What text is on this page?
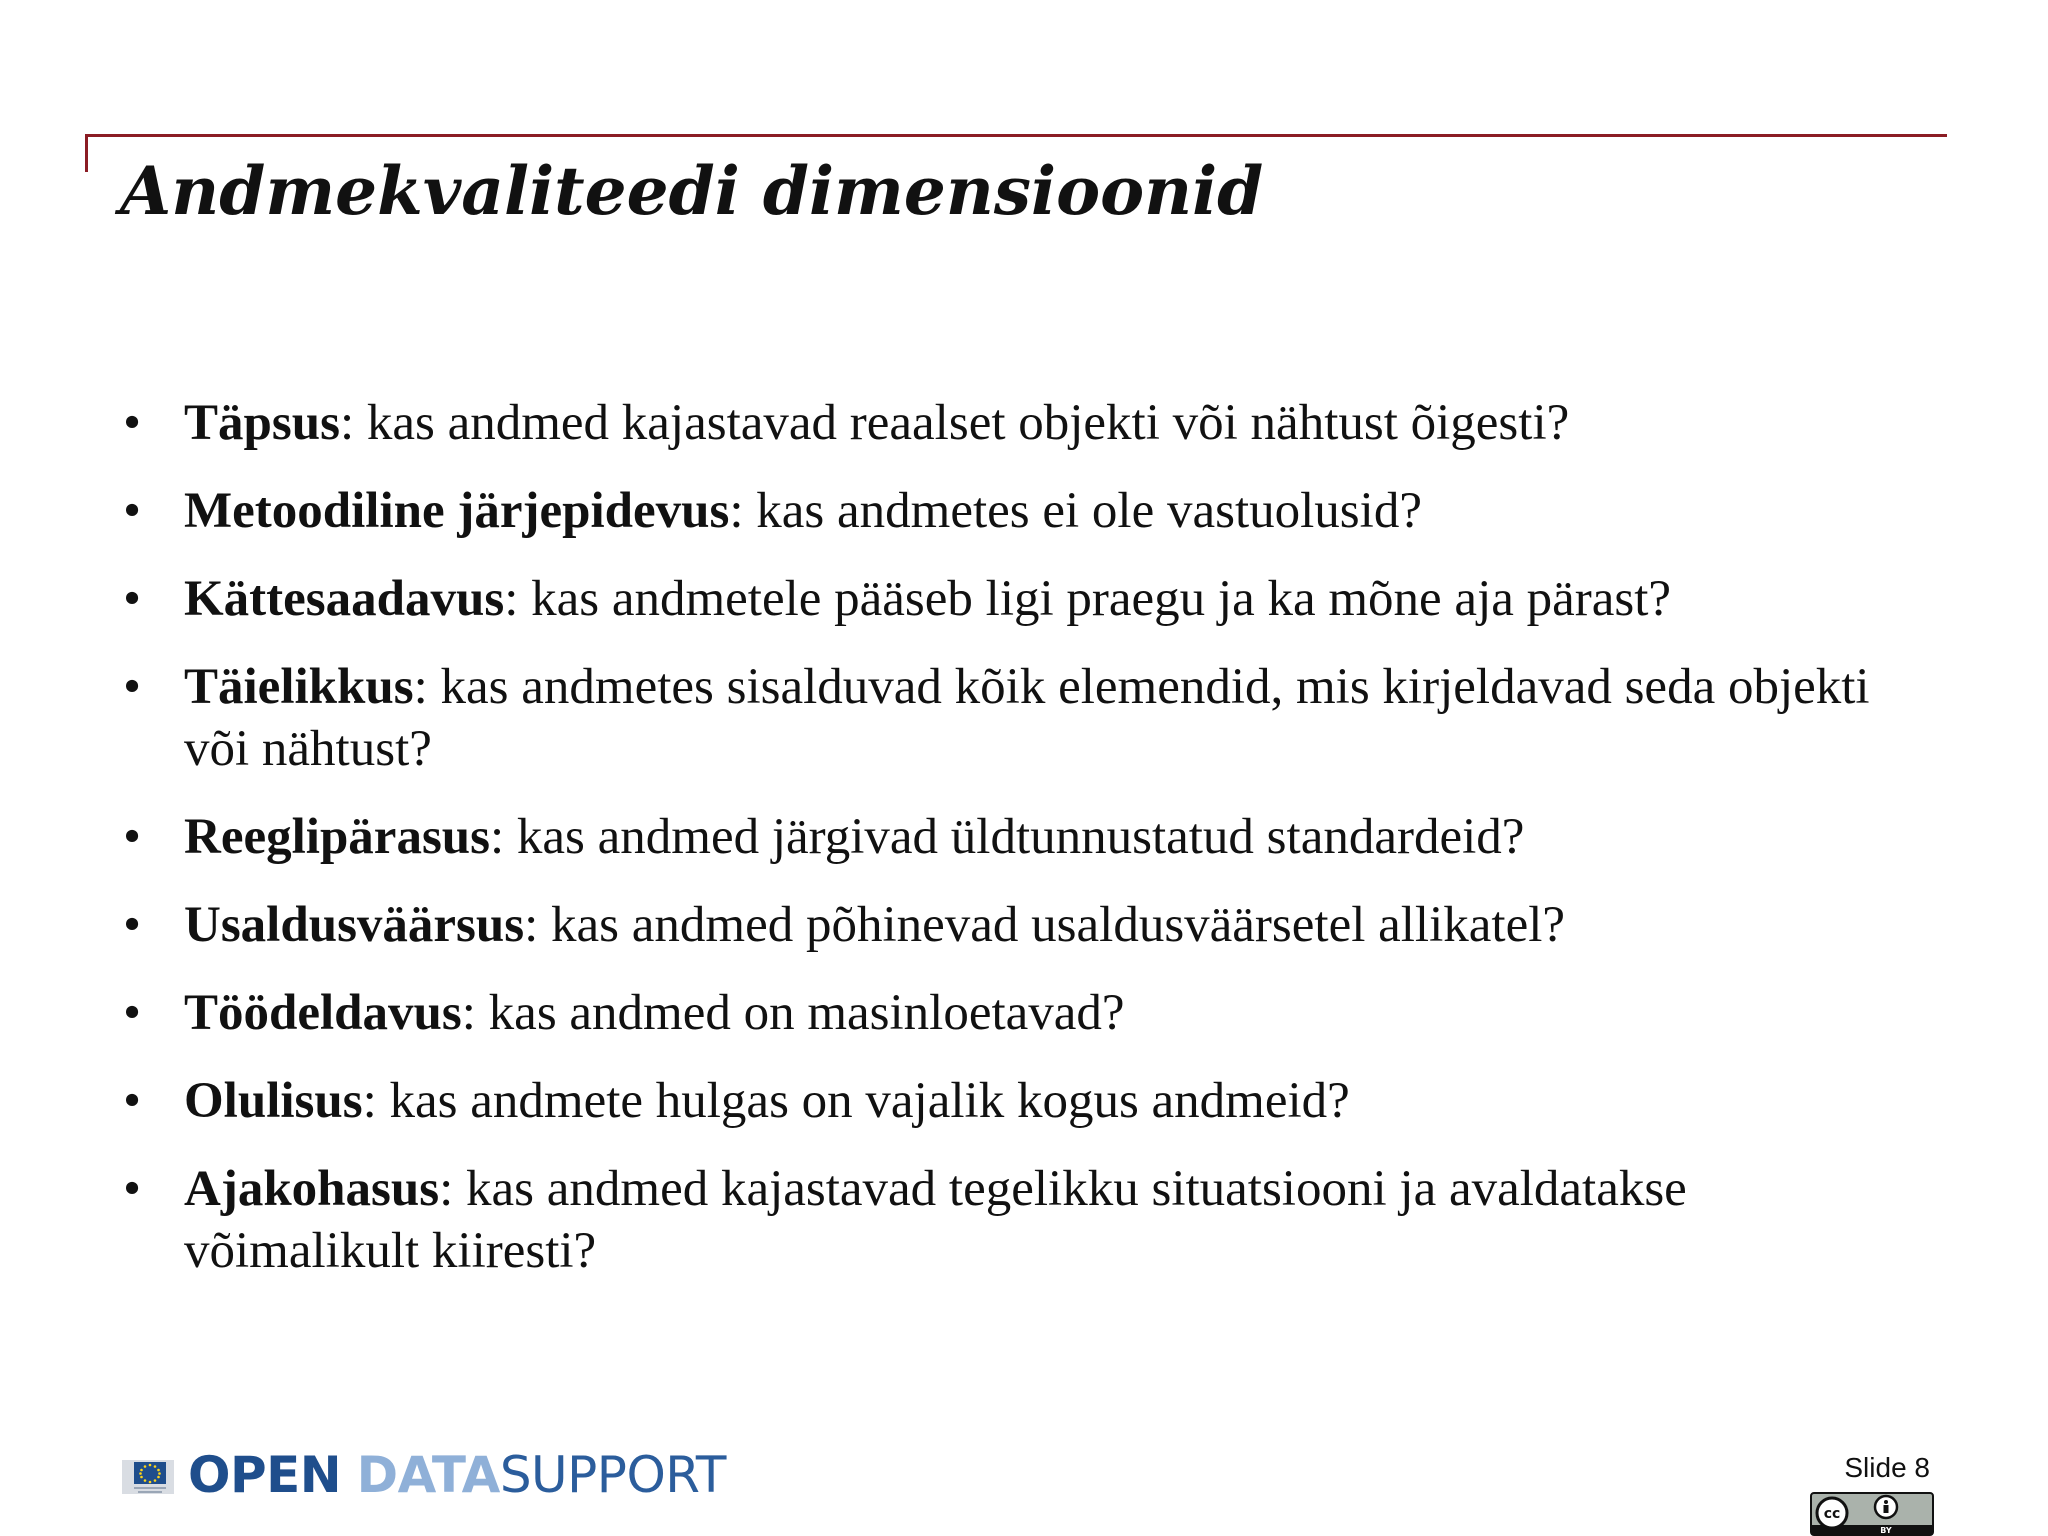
Andmekvaliteedi dimensioonid
• Täpsus: kas andmed kajastavad reaalset objekti või nähtust õigesti?
• Metoodiline järjepidevus: kas andmetes ei ole vastuolusid?
• Kättesaadavus: kas andmetele pääseb ligi praegu ja ka mõne aja pärast?
• Täielikkus: kas andmetes sisalduvad kõik elemendid, mis kirjeldavad seda objekti või nähtust?
• Reeglipärasus: kas andmed järgivad üldtunnustatud standardeid?
• Usaldusväärsus: kas andmed põhinevad usaldusväärsetel allikatel?
• Töödeldavus: kas andmed on masinloetavad?
• Olulisus: kas andmete hulgas on vajalik kogus andmeid?
• Ajakohasus: kas andmed kajastavad tegelikku situatsiooni ja avaldatakse võimalikult kiiresti?
OPEN DATASUPPORT	Slide 8
cc
BY
